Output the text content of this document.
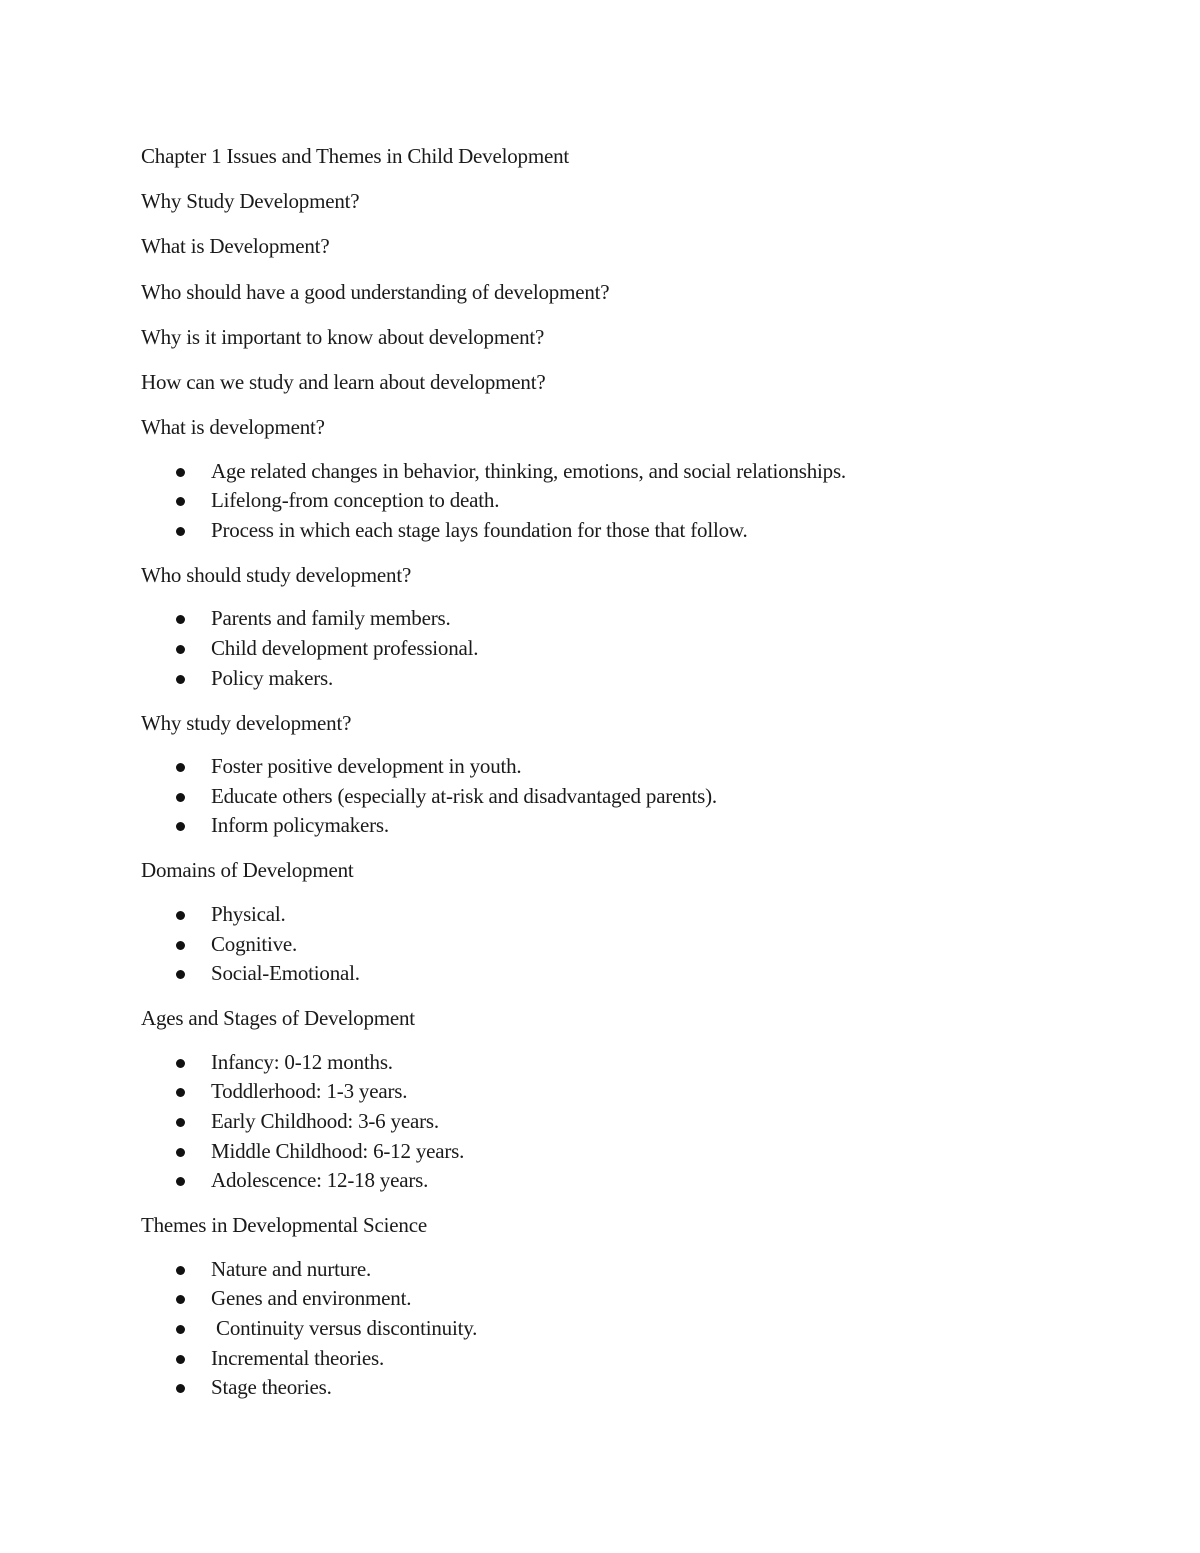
Chapter 1 Issues and Themes in Child Development
Why Study Development?
What is Development?
Who should have a good understanding of development?
Why is it important to know about development?
How can we study and learn about development?
What is development?
Age related changes in behavior, thinking, emotions, and social relationships.
Lifelong-from conception to death.
Process in which each stage lays foundation for those that follow.
Who should study development?
Parents and family members.
Child development professional.
Policy makers.
Why study development?
Foster positive development in youth.
Educate others (especially at-risk and disadvantaged parents).
Inform policymakers.
Domains of Development
Physical.
Cognitive.
Social-Emotional.
Ages and Stages of Development
Infancy: 0-12 months.
Toddlerhood: 1-3 years.
Early Childhood: 3-6 years.
Middle Childhood: 6-12 years.
Adolescence: 12-18 years.
Themes in Developmental Science
Nature and nurture.
Genes and environment.
Continuity versus discontinuity.
Incremental theories.
Stage theories.
